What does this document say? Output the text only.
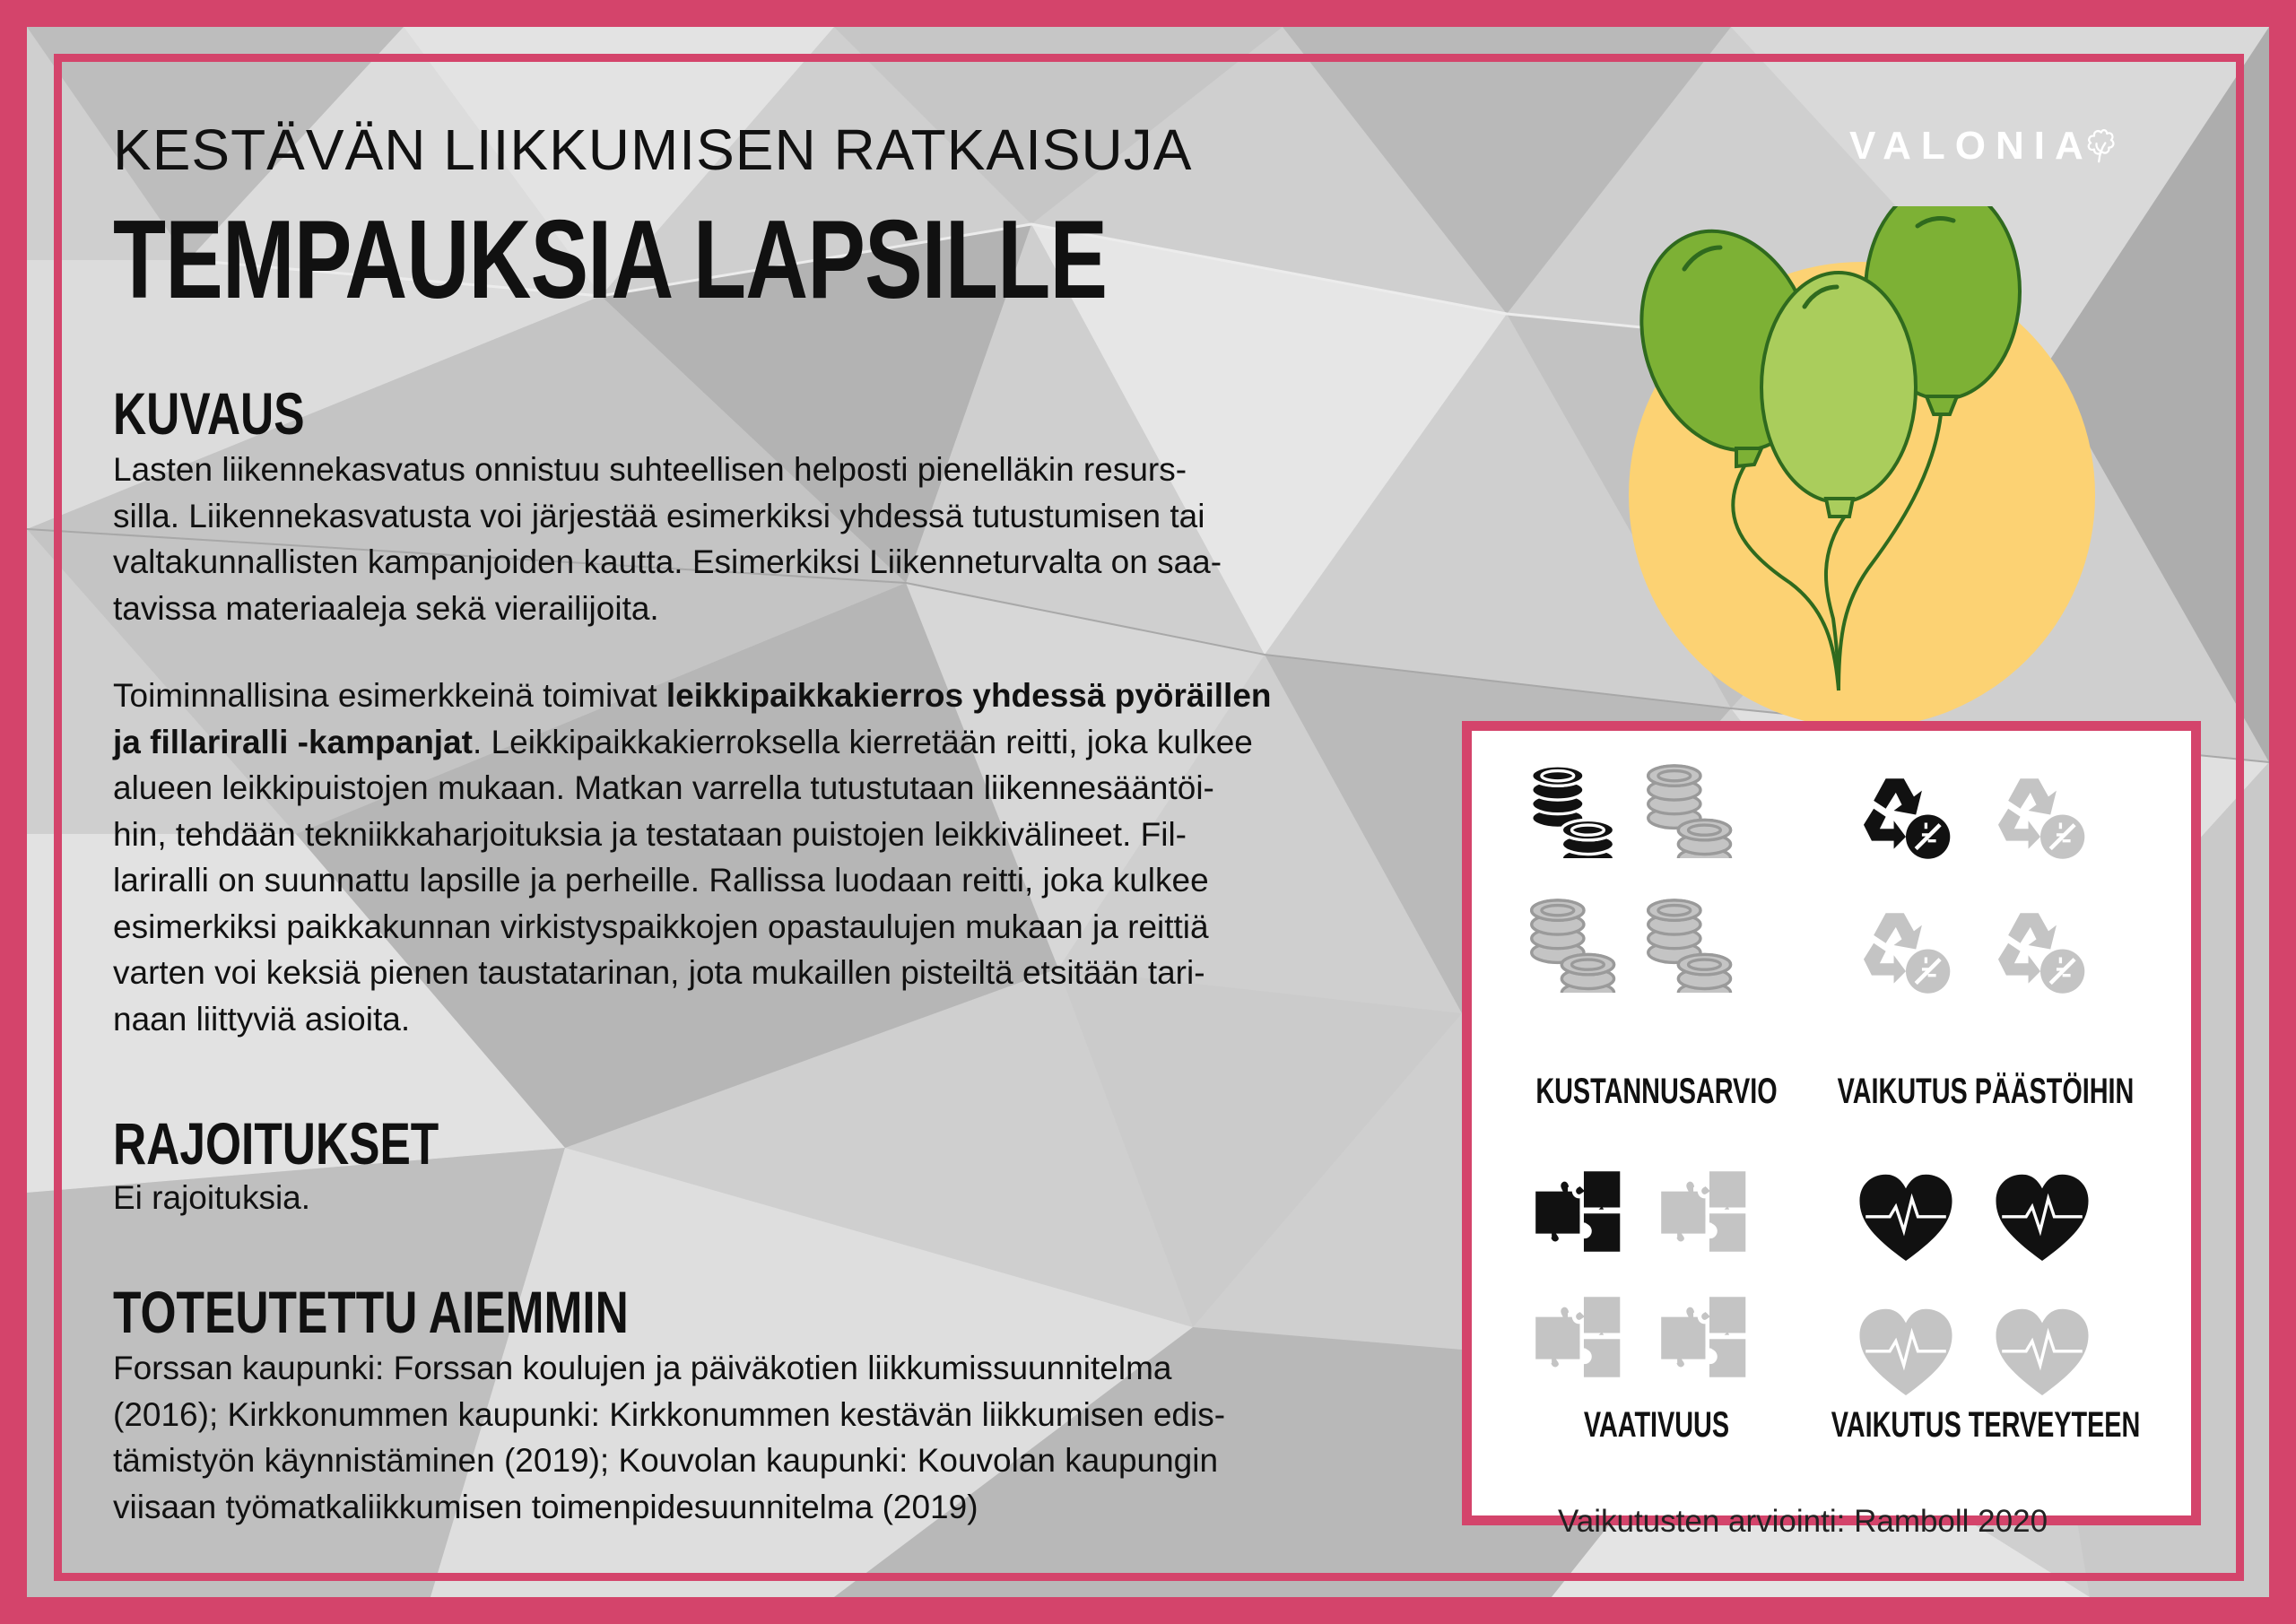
KESTÄVÄN LIIKKUMISEN RATKAISUJA
TEMPAUKSIA LAPSILLE
VALONIA
KUVAUS
Lasten liikennekasvatus onnistuu suhteellisen helposti pienelläkin resurs-
silla. Liikennekasvatusta voi järjestää esimerkiksi yhdessä tutustumisen tai
valtakunnallisten kampanjoiden kautta. Esimerkiksi Liikenneturvalta on saa-
tavissa materiaaleja sekä vierailijoita.
Toiminnallisina esimerkkeinä toimivat leikkipaikkakierros yhdessä pyöräillen
ja fillariralli -kampanjat. Leikkipaikkakierroksella kierretään reitti, joka kulkee
alueen leikkipuistojen mukaan. Matkan varrella tutustutaan liikennesääntöi-
hin, tehdään tekniikkaharjoituksia ja testataan puistojen leikkivälineet. Fil-
lariralli on suunnattu lapsille ja perheille. Rallissa luodaan reitti, joka kulkee
esimerkiksi paikkakunnan virkistyspaikkojen opastaulujen mukaan ja reittiä
varten voi keksiä pienen taustatarinan, jota mukaillen pisteiltä etsitään tari-
naan liittyviä asioita.
RAJOITUKSET
Ei rajoituksia.
TOTEUTETTU AIEMMIN
Forssan kaupunki: Forssan koulujen ja päiväkotien liikkumissuunnitelma
(2016); Kirkkonummen kaupunki: Kirkkonummen kestävän liikkumisen edis-
tämistyön käynnistäminen (2019); Kouvolan kaupunki: Kouvolan kaupungin
viisaan työmatkaliikkumisen toimenpidesuunnitelma (2019)
KUSTANNUSARVIO	VAIKUTUS PÄÄSTÖIHIN
VAATIVUUS	VAIKUTUS TERVEYTEEN
Vaikutusten arviointi: Ramboll 2020
